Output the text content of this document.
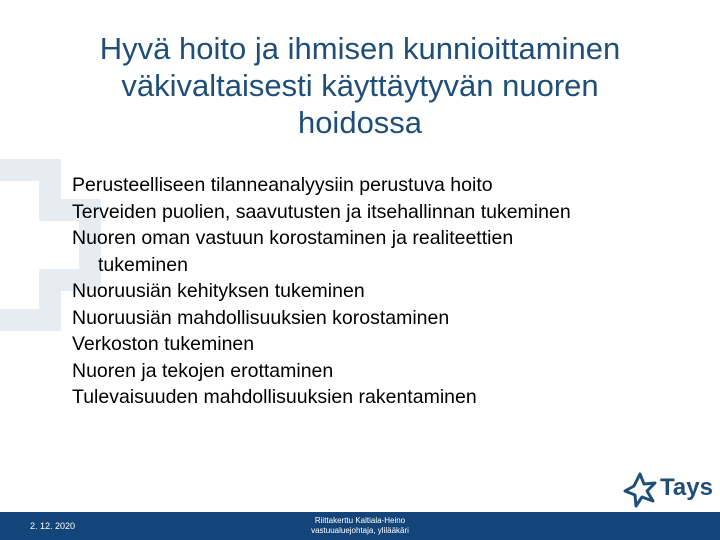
Hyvä hoito ja ihmisen kunnioittaminen
väkivaltaisesti käyttäytyvän nuoren
hoidossa
Perusteelliseen tilanneanalyysiin perustuva hoito
Terveiden puolien, saavutusten ja itsehallinnan tukeminen
Nuoren oman vastuun korostaminen ja realiteettien
tukeminen
Nuoruusiän kehityksen tukeminen
Nuoruusiän mahdollisuuksien korostaminen
Verkoston tukeminen
Nuoren ja tekojen erottaminen
Tulevaisuuden mahdollisuuksien rakentaminen
Tays
2. 12. 2020
Riittakerttu Kaltiala-Heino
vastuualuejohtaja, ylilääkäri
